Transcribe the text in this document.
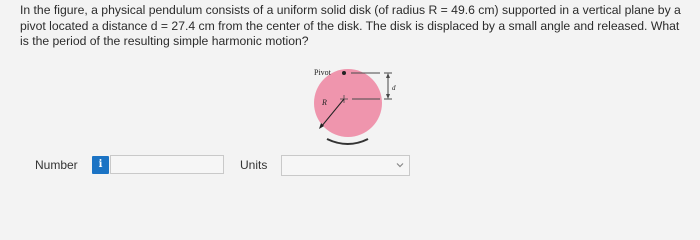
In the figure, a physical pendulum consists of a uniform solid disk (of radius R = 49.6 cm) supported in a vertical plane by a pivot located a distance d = 27.4 cm from the center of the disk. The disk is displaced by a small angle and released. What is the period of the resulting simple harmonic motion?

Pivot
R
d
Number	i	Units
